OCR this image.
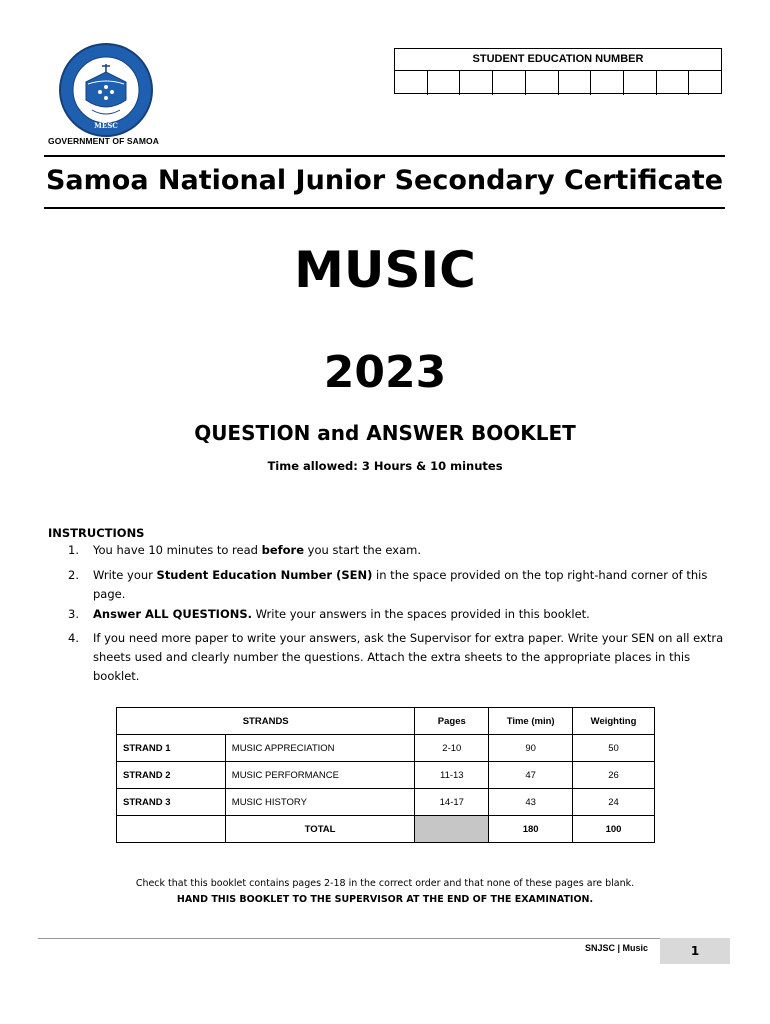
MESC
GOVERNMENT OF SAMOA
STUDENT EDUCATION NUMBER
Samoa National Junior Secondary Certificate
MUSIC
2023
QUESTION and ANSWER BOOKLET
Time allowed: 3 Hours & 10 minutes
INSTRUCTIONS
1.	You have 10 minutes to read before you start the exam.
2.	Write your Student Education Number (SEN) in the space provided on the top right-hand corner of this page.
3.	Answer ALL QUESTIONS. Write your answers in the spaces provided in this booklet.
4.	If you need more paper to write your answers, ask the Supervisor for extra paper. Write your SEN on all extra sheets used and clearly number the questions. Attach the extra sheets to the appropriate places in this booklet.
STRANDS		Pages	Time (min)	Weighting
STRAND 1	MUSIC APPRECIATION	2-10	90	50
STRAND 2	MUSIC PERFORMANCE	11-13	47	26
STRAND 3	MUSIC HISTORY	14-17	43	24
	TOTAL		180	100
Check that this booklet contains pages 2-18 in the correct order and that none of these pages are blank.
HAND THIS BOOKLET TO THE SUPERVISOR AT THE END OF THE EXAMINATION.
SNJSC | Music	1
